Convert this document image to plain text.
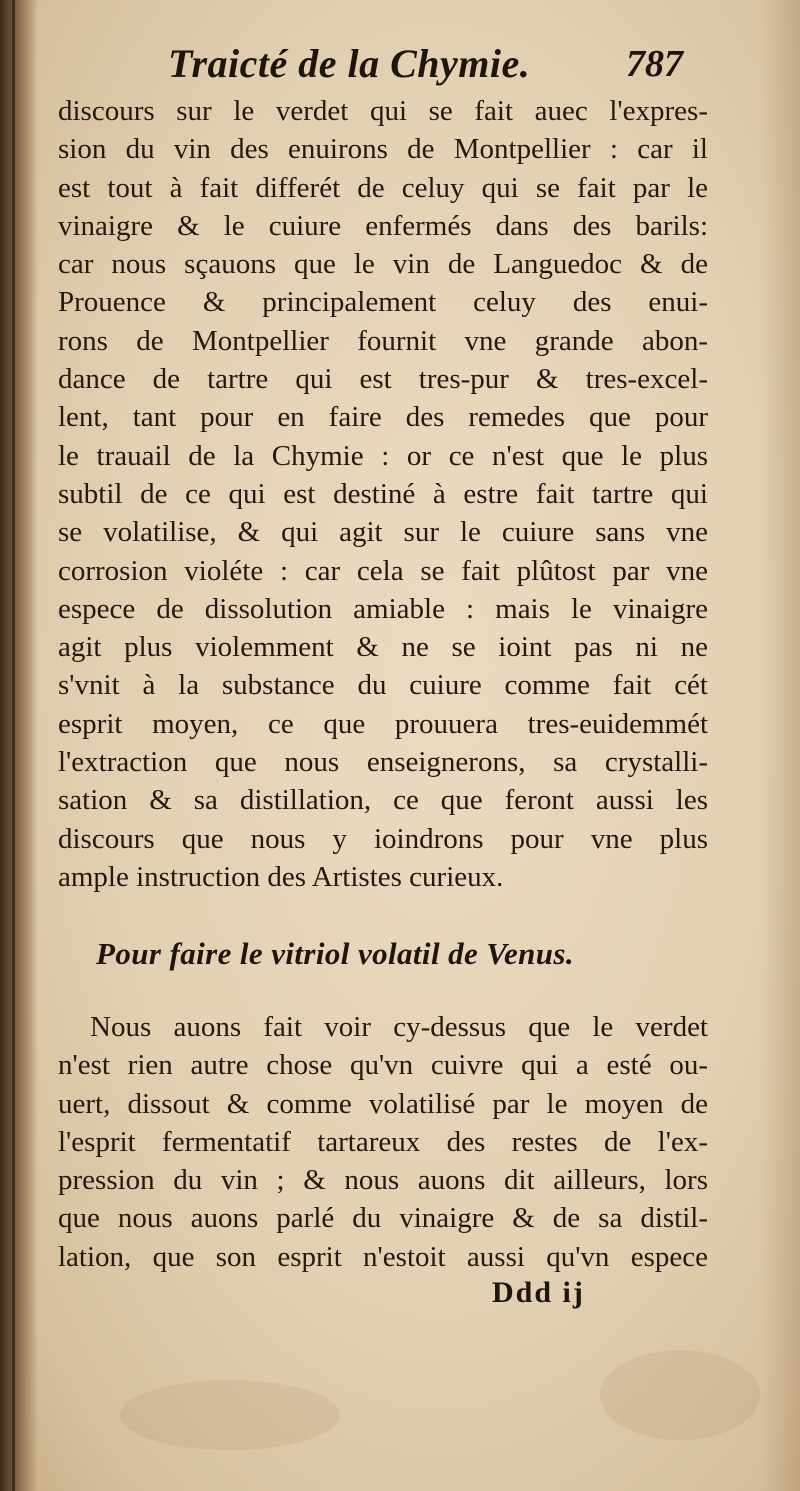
Traicté de la Chymie.	787
discours sur le verdet qui se fait auec l'expres-
sion du vin des enuirons de Montpellier : car il
est tout à fait differét de celuy qui se fait par le
vinaigre & le cuiure enfermés dans des barils:
car nous sçauons que le vin de Languedoc & de
Prouence & principalement celuy des enui-
rons de Montpellier fournit vne grande abon-
dance de tartre qui est tres-pur & tres-excel-
lent, tant pour en faire des remedes que pour
le trauail de la Chymie : or ce n'est que le plus
subtil de ce qui est destiné à estre fait tartre qui
se volatilise, & qui agit sur le cuiure sans vne
corrosion violéte : car cela se fait plûtost par vne
espece de dissolution amiable : mais le vinaigre
agit plus violemment & ne se ioint pas ni ne
s'vnit à la substance du cuiure comme fait cét
esprit moyen, ce que prouuera tres-euidemmét
l'extraction que nous enseignerons, sa crystalli-
sation & sa distillation, ce que feront aussi les
discours que nous y ioindrons pour vne plus
ample instruction des Artistes curieux.
Pour faire le vitriol volatil de Venus.
Nous auons fait voir cy-dessus que le verdet
n'est rien autre chose qu'vn cuivre qui a esté ou-
uert, dissout & comme volatilisé par le moyen de
l'esprit fermentatif tartareux des restes de l'ex-
pression du vin ; & nous auons dit ailleurs, lors
que nous auons parlé du vinaigre & de sa distil-
lation, que son esprit n'estoit aussi qu'vn espece
Ddd ij
